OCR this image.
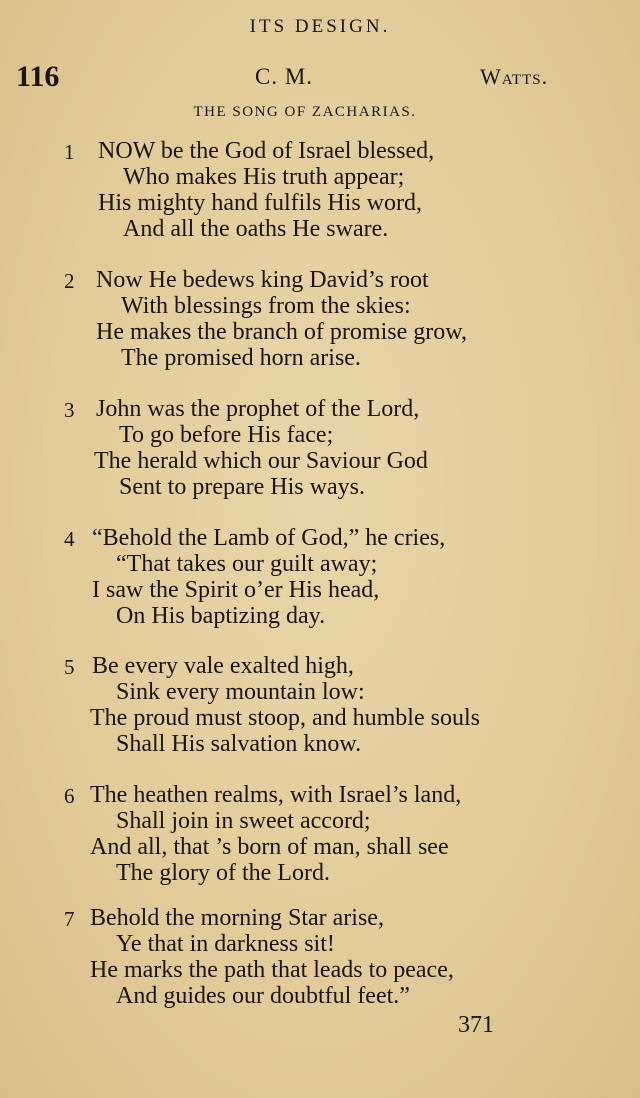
ITS DESIGN.
116	C. M.	Watts.
THE SONG OF ZACHARIAS.
1 NOW be the God of Israel blessed,
Who makes His truth appear;
His mighty hand fulfils His word,
And all the oaths He sware.
2 Now He bedews king David’s root
With blessings from the skies:
He makes the branch of promise grow,
The promised horn arise.
3 John was the prophet of the Lord,
To go before His face;
The herald which our Saviour God
Sent to prepare His ways.
4 “Behold the Lamb of God,” he cries,
“That takes our guilt away;
I saw the Spirit o’er His head,
On His baptizing day.
5 Be every vale exalted high,
Sink every mountain low:
The proud must stoop, and humble souls
Shall His salvation know.
6 The heathen realms, with Israel’s land,
Shall join in sweet accord;
And all, that ’s born of man, shall see
The glory of the Lord.
7 Behold the morning Star arise,
Ye that in darkness sit!
He marks the path that leads to peace,
And guides our doubtful feet.”
371
